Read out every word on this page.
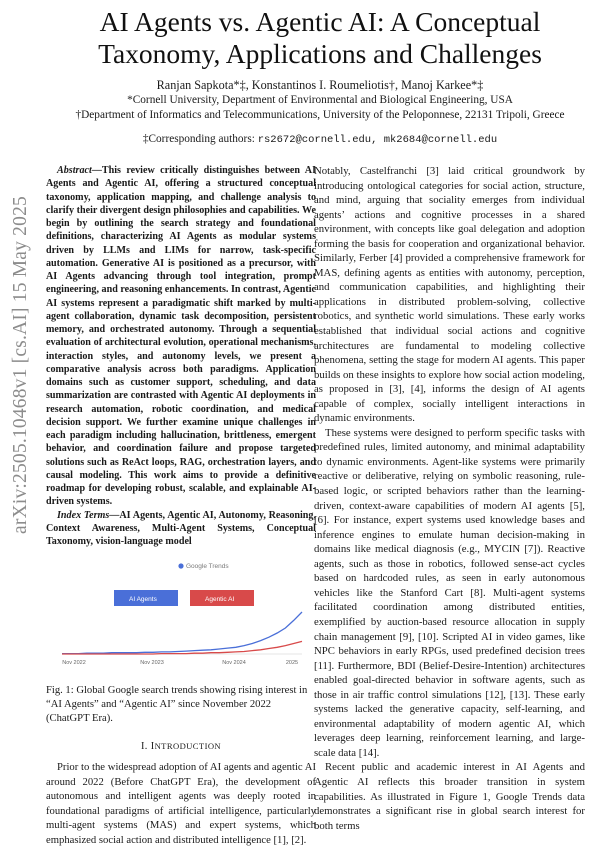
arXiv:2505.10468v1 [cs.AI] 15 May 2025
AI Agents vs. Agentic AI: A Conceptual
Taxonomy, Applications and Challenges
Ranjan Sapkota*‡, Konstantinos I. Roumeliotis†, Manoj Karkee*‡
*Cornell University, Department of Environmental and Biological Engineering, USA
†Department of Informatics and Telecommunications, University of the Peloponnese, 22131 Tripoli, Greece
‡Corresponding authors: rs2672@cornell.edu, mk2684@cornell.edu

Abstract—This review critically distinguishes between AI Agents and Agentic AI, offering a structured conceptual taxonomy, application mapping, and challenge analysis to clarify their divergent design philosophies and capabilities. We begin by outlining the search strategy and foundational definitions, characterizing AI Agents as modular systems driven by LLMs and LIMs for narrow, task-specific automation. Generative AI is positioned as a precursor, with AI Agents advancing through tool integration, prompt engineering, and reasoning enhancements. In contrast, Agentic AI systems represent a paradigmatic shift marked by multi-agent collaboration, dynamic task decomposition, persistent memory, and orchestrated autonomy. Through a sequential evaluation of architectural evolution, operational mechanisms, interaction styles, and autonomy levels, we present a comparative analysis across both paradigms. Application domains such as customer support, scheduling, and data summarization are contrasted with Agentic AI deployments in research automation, robotic coordination, and medical decision support. We further examine unique challenges in each paradigm including hallucination, brittleness, emergent behavior, and coordination failure and propose targeted solutions such as ReAct loops, RAG, orchestration layers, and causal modeling. This work aims to provide a definitive roadmap for developing robust, scalable, and explainable AI-driven systems.

Index Terms—AI Agents, Agentic AI, Autonomy, Reasoning, Context Awareness, Multi-Agent Systems, Conceptual Taxonomy, vision-language model

Google Trends
AI Agents	Agentic AI
Nov 2022	Nov 2023	Nov 2024	2025

Fig. 1: Global Google search trends showing rising interest in “AI Agents” and “Agentic AI” since November 2022 (ChatGPT Era).

I. INTRODUCTION

Prior to the widespread adoption of AI agents and agentic AI around 2022 (Before ChatGPT Era), the development of autonomous and intelligent agents was deeply rooted in foundational paradigms of artificial intelligence, particularly multi-agent systems (MAS) and expert systems, which emphasized social action and distributed intelligence [1], [2].

Notably, Castelfranchi [3] laid critical groundwork by introducing ontological categories for social action, structure, and mind, arguing that sociality emerges from individual agents’ actions and cognitive processes in a shared environment, with concepts like goal delegation and adoption forming the basis for cooperation and organizational behavior. Similarly, Ferber [4] provided a comprehensive framework for MAS, defining agents as entities with autonomy, perception, and communication capabilities, and highlighting their applications in distributed problem-solving, collective robotics, and synthetic world simulations. These early works established that individual social actions and cognitive architectures are fundamental to modeling collective phenomena, setting the stage for modern AI agents. This paper builds on these insights to explore how social action modeling, as proposed in [3], [4], informs the design of AI agents capable of complex, socially intelligent interactions in dynamic environments.

These systems were designed to perform specific tasks with predefined rules, limited autonomy, and minimal adaptability to dynamic environments. Agent-like systems were primarily reactive or deliberative, relying on symbolic reasoning, rule-based logic, or scripted behaviors rather than the learning-driven, context-aware capabilities of modern AI agents [5], [6]. For instance, expert systems used knowledge bases and inference engines to emulate human decision-making in domains like medical diagnosis (e.g., MYCIN [7]). Reactive agents, such as those in robotics, followed sense-act cycles based on hardcoded rules, as seen in early autonomous vehicles like the Stanford Cart [8]. Multi-agent systems facilitated coordination among distributed entities, exemplified by auction-based resource allocation in supply chain management [9], [10]. Scripted AI in video games, like NPC behaviors in early RPGs, used predefined decision trees [11]. Furthermore, BDI (Belief-Desire-Intention) architectures enabled goal-directed behavior in software agents, such as those in air traffic control simulations [12], [13]. These early systems lacked the generative capacity, self-learning, and environmental adaptability of modern agentic AI, which leverages deep learning, reinforcement learning, and large-scale data [14].

Recent public and academic interest in AI Agents and Agentic AI reflects this broader transition in system capabilities. As illustrated in Figure 1, Google Trends data demonstrates a significant rise in global search interest for both terms
